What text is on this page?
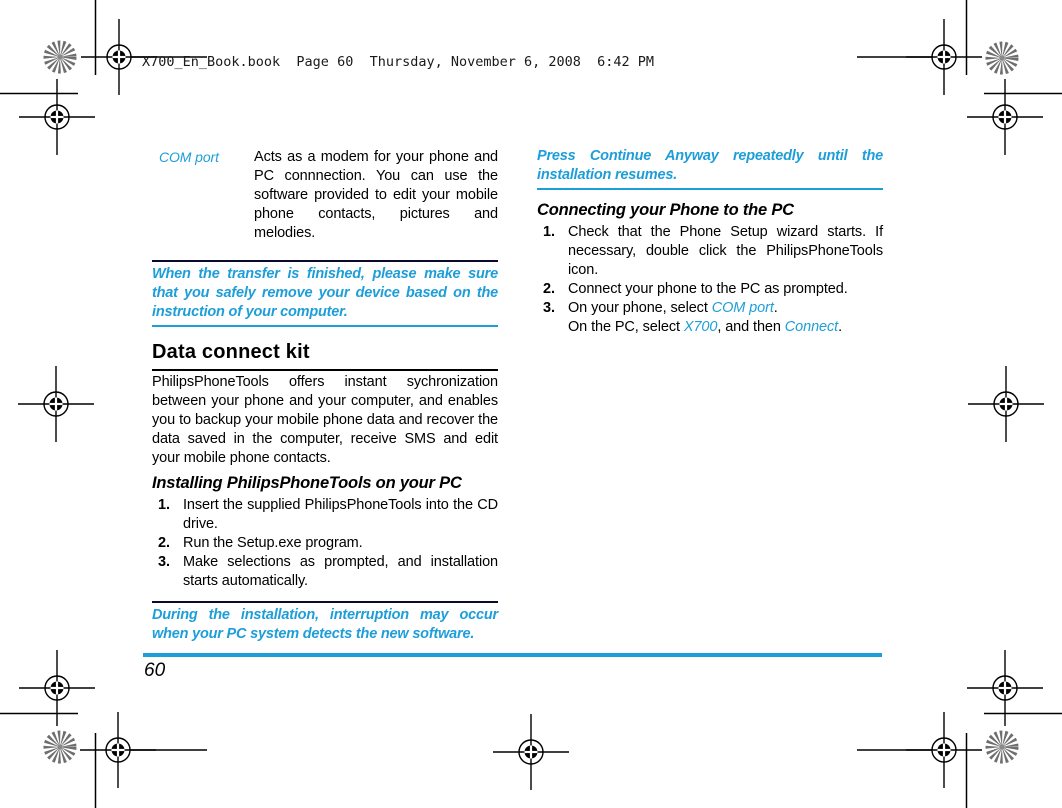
X700_En_Book.book  Page 60  Thursday, November 6, 2008  6:42 PM
COM port	Acts as a modem for your phone and PC connnection. You can use the software provided to edit your mobile phone contacts, pictures and melodies.
When the transfer is finished, please make sure that you safely remove your device based on the instruction of your computer.
Data connect kit
PhilipsPhoneTools offers instant sychronization between your phone and your computer, and enables you to backup your mobile phone data and recover the data saved in the computer, receive SMS and edit your mobile phone contacts.
Installing PhilipsPhoneTools on your PC
1. Insert the supplied PhilipsPhoneTools into the CD drive.
2. Run the Setup.exe program.
3. Make selections as prompted, and installation starts automatically.
During the installation, interruption may occur when your PC system detects the new software.
Press Continue Anyway repeatedly until the installation resumes.
Connecting your Phone to the PC
1. Check that the Phone Setup wizard starts. If necessary, double click the PhilipsPhoneTools icon.
2. Connect your phone to the PC as prompted.
3. On your phone, select COM port.
On the PC, select X700, and then Connect.
60
